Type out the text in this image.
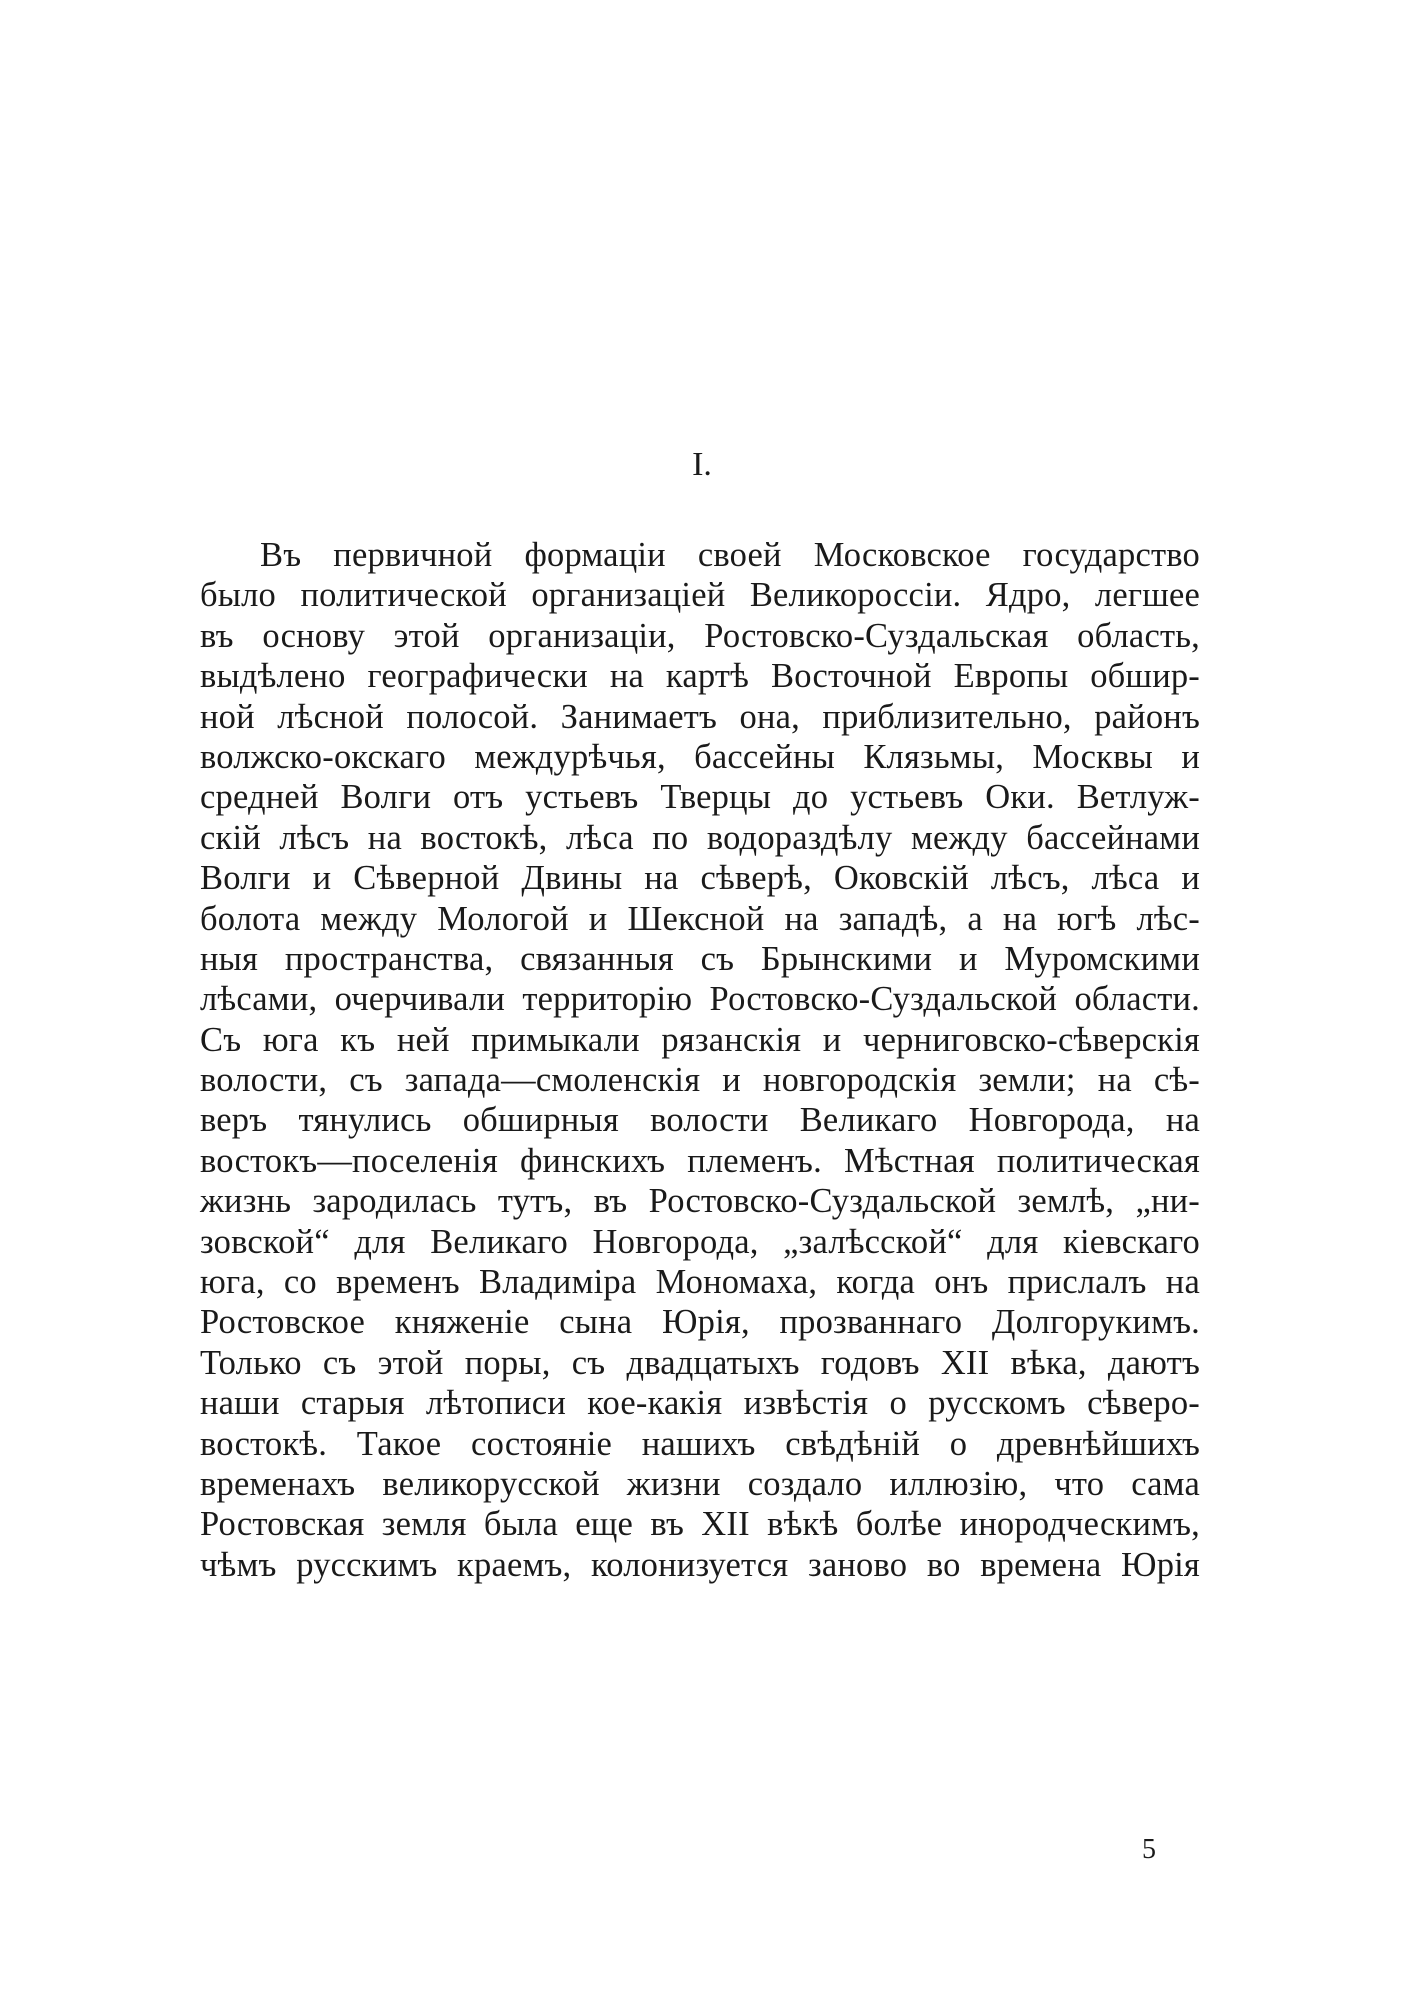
I.
Въ первичной формаціи своей Московское государство
было политической организаціей Великороссіи. Ядро, легшее
въ основу этой организаціи, Ростовско-Суздальская область,
выдѣлено географически на картѣ Восточной Европы обшир-
ной лѣсной полосой. Занимаетъ она, приблизительно, районъ
волжско-окскаго междурѣчья, бассейны Клязьмы, Москвы и
средней Волги отъ устьевъ Тверцы до устьевъ Оки. Ветлуж-
скій лѣсъ на востокѣ, лѣса по водораздѣлу между бассейнами
Волги и Сѣверной Двины на сѣверѣ, Оковскій лѣсъ, лѣса и
болота между Мологой и Шексной на западѣ, а на югѣ лѣс-
ныя пространства, связанныя съ Брынскими и Муромскими
лѣсами, очерчивали территорію Ростовско-Суздальской области.
Съ юга къ ней примыкали рязанскія и черниговско-сѣверскія
волости, съ запада—смоленскія и новгородскія земли; на сѣ-
веръ тянулись обширныя волости Великаго Новгорода, на
востокъ—поселенія финскихъ племенъ. Мѣстная политическая
жизнь зародилась тутъ, въ Ростовско-Суздальской землѣ, „ни-
зовской“ для Великаго Новгорода, „залѣсской“ для кіевскаго
юга, со временъ Владиміра Мономаха, когда онъ прислалъ на
Ростовское княженіе сына Юрія, прозваннаго Долгорукимъ.
Только съ этой поры, съ двадцатыхъ годовъ XII вѣка, даютъ
наши старыя лѣтописи кое-какія извѣстія о русскомъ сѣверо-
востокѣ. Такое состояніе нашихъ свѣдѣній о древнѣйшихъ
временахъ великорусской жизни создало иллюзію, что сама
Ростовская земля была еще въ XII вѣкѣ болѣе инородческимъ,
чѣмъ русскимъ краемъ, колонизуется заново во времена Юрія
5
